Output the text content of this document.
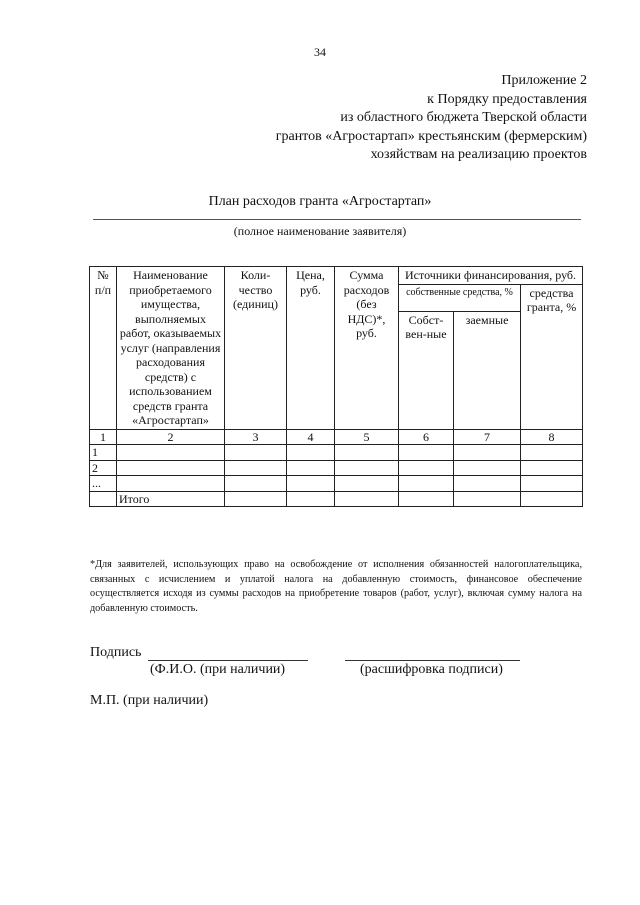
34
Приложение 2
к Порядку предоставления
из областного бюджета Тверской области
грантов «Агростартап» крестьянским (фермерским)
хозяйствам на реализацию проектов
План расходов гранта «Агростартап»
(полное наименование заявителя)
№ п/п	Наименование приобретаемого имущества, выполняемых работ, оказываемых услуг (направления расходования средств) с использованием средств гранта «Агростартап»	Коли-чество (единиц)	Цена, руб.	Сумма расходов (без НДС)*, руб.	Источники финансирования, руб.		
					собственные средства, %		средства гранта, %
					Собст-вен-ные	заемные	
1	2	3	4	5	6	7	8
1							
2							
...							
	Итого						
*Для заявителей, использующих право на освобождение от исполнения обязанностей налогоплательщика, связанных с исчислением и уплатой налога на добавленную стоимость, финансовое обеспечение осуществляется исходя из суммы расходов на приобретение товаров (работ, услуг), включая сумму налога на добавленную стоимость.
Подпись
(Ф.И.О. (при наличии)	(расшифровка подписи)
М.П. (при наличии)
